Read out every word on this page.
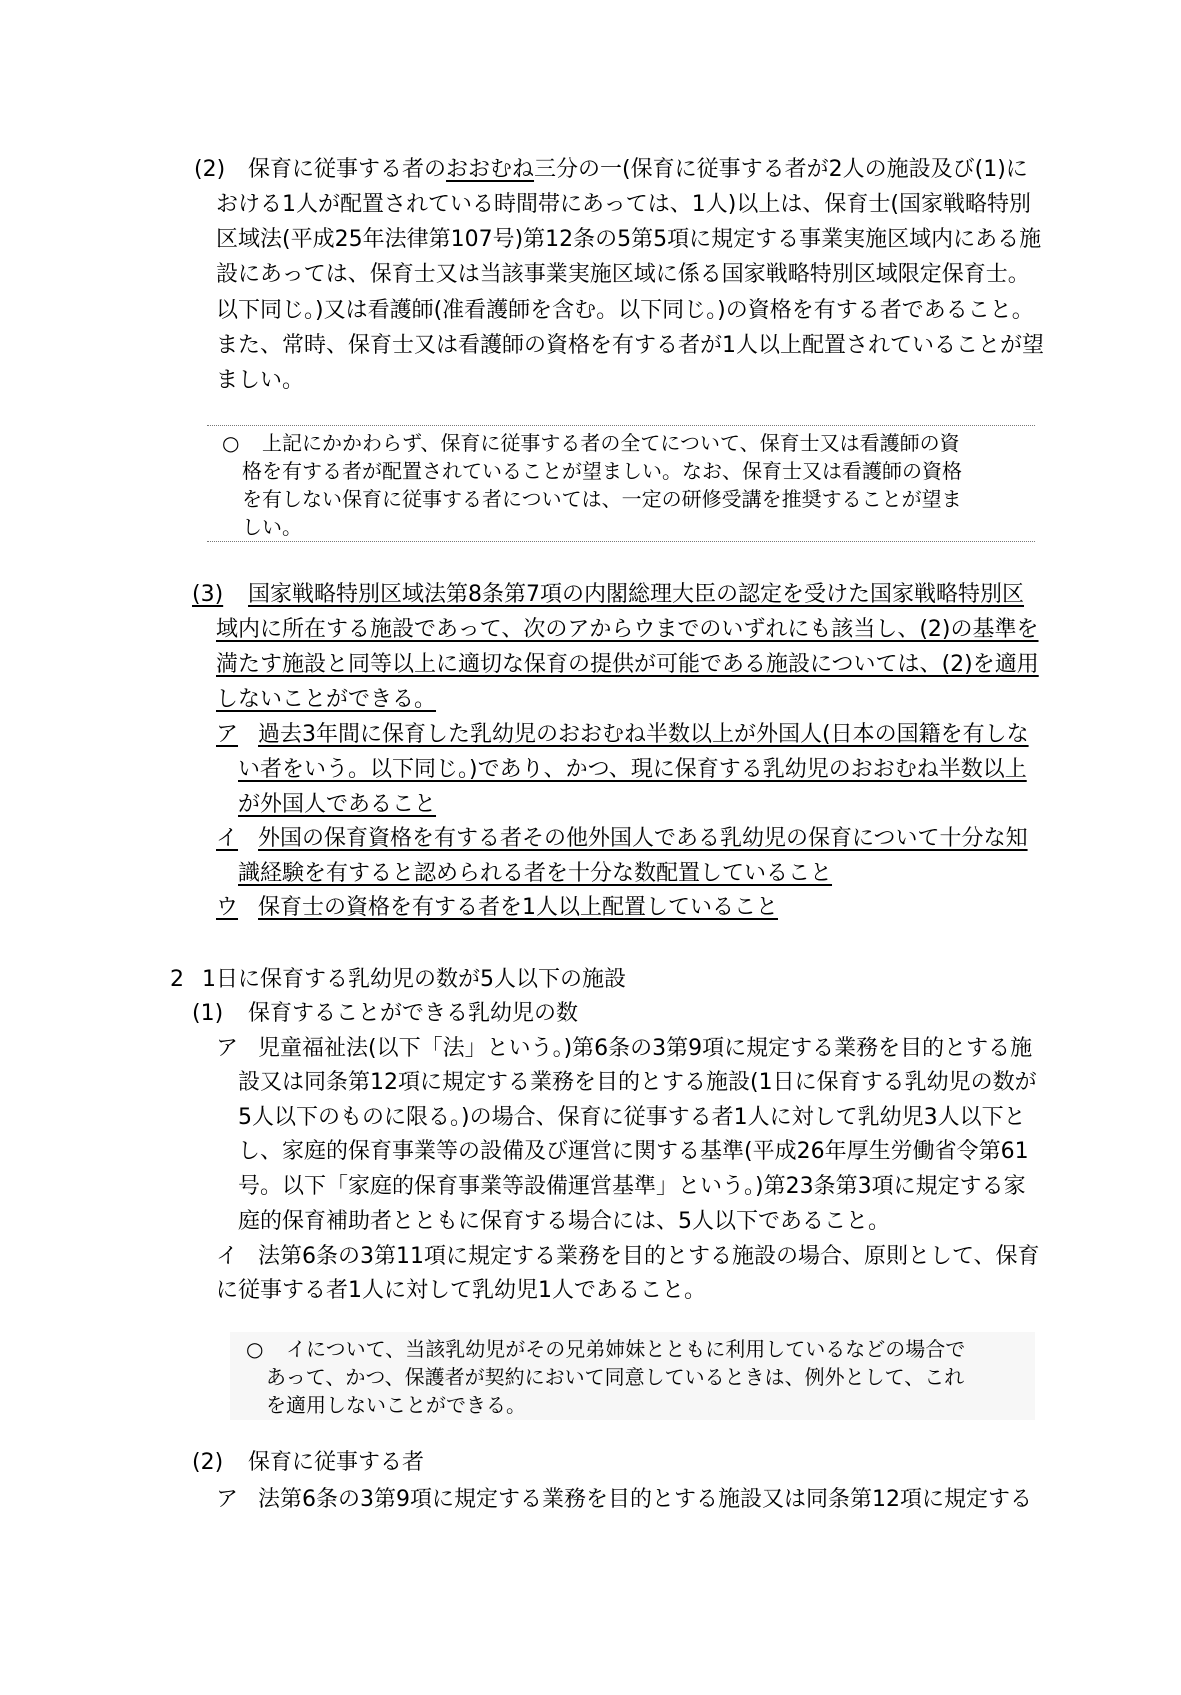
(2) 保育に従事する者のおおむね三分の一(保育に従事する者が2人の施設及び(1)に
おける1人が配置されている時間帯にあっては、1人)以上は、保育士(国家戦略特別
区域法(平成25年法律第107号)第12条の5第5項に規定する事業実施区域内にある施
設にあっては、保育士又は当該事業実施区域に係る国家戦略特別区域限定保育士。
以下同じ。)又は看護師(准看護師を含む。以下同じ。)の資格を有する者であること。
また、常時、保育士又は看護師の資格を有する者が1人以上配置されていることが望
ましい。
○ 上記にかかわらず、保育に従事する者の全てについて、保育士又は看護師の資
格を有する者が配置されていることが望ましい。なお、保育士又は看護師の資格
を有しない保育に従事する者については、一定の研修受講を推奨することが望ま
しい。
(3) 国家戦略特別区域法第8条第7項の内閣総理大臣の認定を受けた国家戦略特別区
域内に所在する施設であって、次のアからウまでのいずれにも該当し、(2)の基準を
満たす施設と同等以上に適切な保育の提供が可能である施設については、(2)を適用
しないことができる。
ア 過去3年間に保育した乳幼児のおおむね半数以上が外国人(日本の国籍を有しな
い者をいう。以下同じ。)であり、かつ、現に保育する乳幼児のおおむね半数以上
が外国人であること
イ 外国の保育資格を有する者その他外国人である乳幼児の保育について十分な知
識経験を有すると認められる者を十分な数配置していること
ウ 保育士の資格を有する者を1人以上配置していること
2 1日に保育する乳幼児の数が5人以下の施設
(1) 保育することができる乳幼児の数
ア 児童福祉法(以下「法」という。)第6条の3第9項に規定する業務を目的とする施
設又は同条第12項に規定する業務を目的とする施設(1日に保育する乳幼児の数が
5人以下のものに限る。)の場合、保育に従事する者1人に対して乳幼児3人以下と
し、家庭的保育事業等の設備及び運営に関する基準(平成26年厚生労働省令第61
号。以下「家庭的保育事業等設備運営基準」という。)第23条第3項に規定する家
庭的保育補助者とともに保育する場合には、5人以下であること。
イ 法第6条の3第11項に規定する業務を目的とする施設の場合、原則として、保育
に従事する者1人に対して乳幼児1人であること。
○ イについて、当該乳幼児がその兄弟姉妹とともに利用しているなどの場合で
あって、かつ、保護者が契約において同意しているときは、例外として、これ
を適用しないことができる。
(2) 保育に従事する者
ア 法第6条の3第9項に規定する業務を目的とする施設又は同条第12項に規定する
